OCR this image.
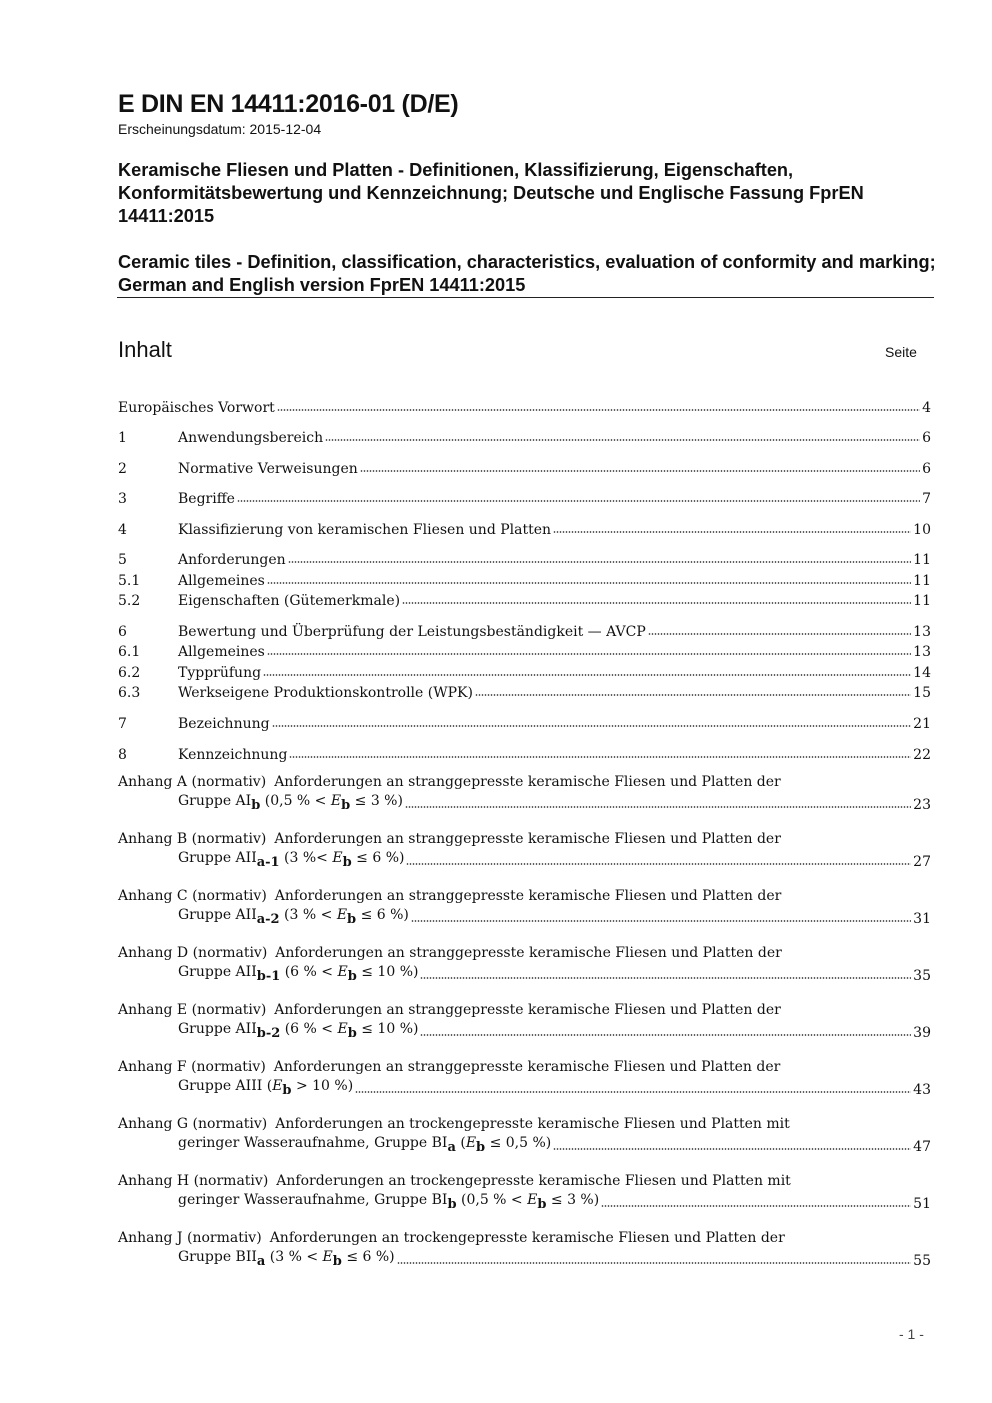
E DIN EN 14411:2016-01 (D/E)
Erscheinungsdatum: 2015-12-04
Keramische Fliesen und Platten - Definitionen, Klassifizierung, Eigenschaften, Konformitätsbewertung und Kennzeichnung; Deutsche und Englische Fassung FprEN 14411:2015
Ceramic tiles - Definition, classification, characteristics, evaluation of conformity and marking; German and English version FprEN 14411:2015
Inhalt	Seite
Europäisches Vorwort	4
1	Anwendungsbereich	6
2	Normative Verweisungen	6
3	Begriffe	7
4	Klassifizierung von keramischen Fliesen und Platten	10
5	Anforderungen	11
5.1	Allgemeines	11
5.2	Eigenschaften (Gütemerkmale)	11
6	Bewertung und Überprüfung der Leistungsbeständigkeit — AVCP	13
6.1	Allgemeines	13
6.2	Typprüfung	14
6.3	Werkseigene Produktionskontrolle (WPK)	15
7	Bezeichnung	21
8	Kennzeichnung	22
Anhang A (normativ) Anforderungen an stranggepresste keramische Fliesen und Platten der
Gruppe $AI_b$ (0,5 % < $E_b \le 3$ %)	23
Anhang B (normativ) Anforderungen an stranggepresste keramische Fliesen und Platten der
Gruppe $AII_{a-1}$ (3 %< $E_b \le 6$ %)	27
Anhang C (normativ) Anforderungen an stranggepresste keramische Fliesen und Platten der
Gruppe $AII_{a-2}$ (3 % < $E_b \le 6$ %)	31
Anhang D (normativ) Anforderungen an stranggepresste keramische Fliesen und Platten der
Gruppe $AII_{b-1}$ (6 % < $E_b \le 10$ %)	35
Anhang E (normativ) Anforderungen an stranggepresste keramische Fliesen und Platten der
Gruppe $AII_{b-2}$ (6 % < $E_b \le 10$ %)	39
Anhang F (normativ) Anforderungen an stranggepresste keramische Fliesen und Platten der
Gruppe AIII ($E_b > 10$ %)	43
Anhang G (normativ) Anforderungen an trockengepresste keramische Fliesen und Platten mit
geringer Wasseraufnahme, Gruppe $BI_a$ ($E_b \le 0,5$ %)	47
Anhang H (normativ) Anforderungen an trockengepresste keramische Fliesen und Platten mit
geringer Wasseraufnahme, Gruppe $BI_b$ (0,5 % < $E_b \le 3$ %)	51
Anhang J (normativ) Anforderungen an trockengepresste keramische Fliesen und Platten der
Gruppe $BII_a$ (3 % < $E_b \le 6$ %)	55
- 1 -
